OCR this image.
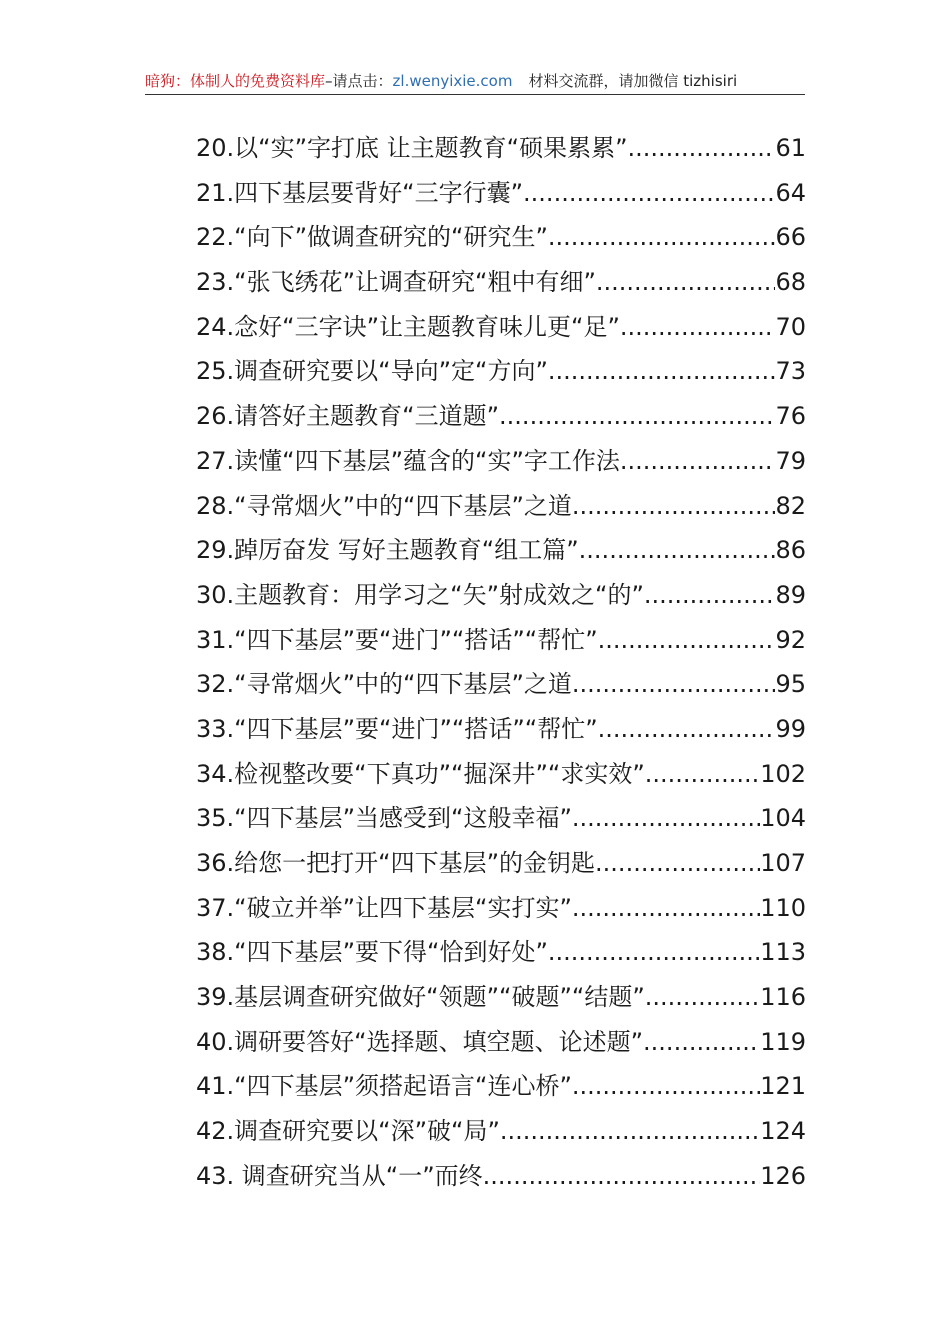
暗狗：体制人的免费资料库–请点击：zl.wenyixie.com 材料交流群，请加微信 tizhisiri
20.以“实”字打底 让主题教育“硕果累累” .....	61
21.四下基层要背好“三字行囊” .....	64
22.“向下”做调查研究的“研究生” .....	66
23.“张飞绣花”让调查研究“粗中有细” .....	68
24.念好“三字诀”让主题教育味儿更“足” .....	70
25.调查研究要以“导向”定“方向” .....	73
26.请答好主题教育“三道题” .....	76
27.读懂“四下基层”蕴含的“实”字工作法 .....	79
28.“寻常烟火”中的“四下基层”之道 .....	82
29.踔厉奋发 写好主题教育“组工篇” .....	86
30.主题教育：用学习之“矢”射成效之“的” .....	89
31.“四下基层”要“进门”“搭话”“帮忙” .....	92
32.“寻常烟火”中的“四下基层”之道 .....	95
33.“四下基层”要“进门”“搭话”“帮忙” .....	99
34.检视整改要“下真功”“掘深井”“求实效” .....	102
35.“四下基层”当感受到“这般幸福” .....	104
36.给您一把打开“四下基层”的金钥匙 .....	107
37.“破立并举”让四下基层“实打实” .....	110
38.“四下基层”要下得“恰到好处” .....	113
39.基层调查研究做好“领题”“破题”“结题” .....	116
40.调研要答好“选择题、填空题、论述题” .....	119
41.“四下基层”须搭起语言“连心桥” .....	121
42.调查研究要以“深”破“局” .....	124
43. 调查研究当从“一”而终 .....	126
